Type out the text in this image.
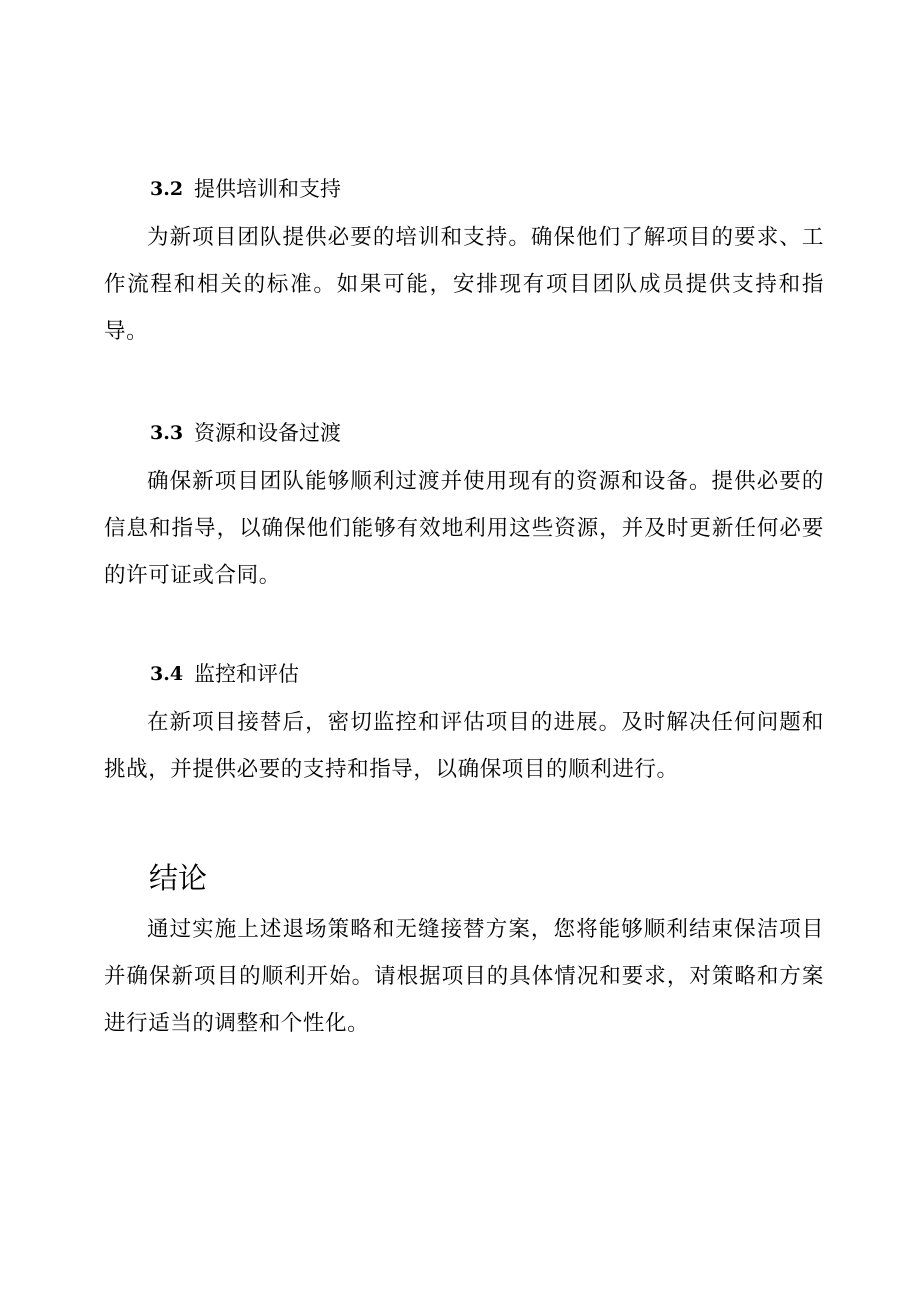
3.2 提供培训和支持

为新项目团队提供必要的培训和支持。确保他们了解项目的要求、工作流程和相关的标准。如果可能，安排现有项目团队成员提供支持和指导。

3.3 资源和设备过渡

确保新项目团队能够顺利过渡并使用现有的资源和设备。提供必要的信息和指导，以确保他们能够有效地利用这些资源，并及时更新任何必要的许可证或合同。

3.4 监控和评估

在新项目接替后，密切监控和评估项目的进展。及时解决任何问题和挑战，并提供必要的支持和指导，以确保项目的顺利进行。

结论

通过实施上述退场策略和无缝接替方案，您将能够顺利结束保洁项目并确保新项目的顺利开始。请根据项目的具体情况和要求，对策略和方案进行适当的调整和个性化。
